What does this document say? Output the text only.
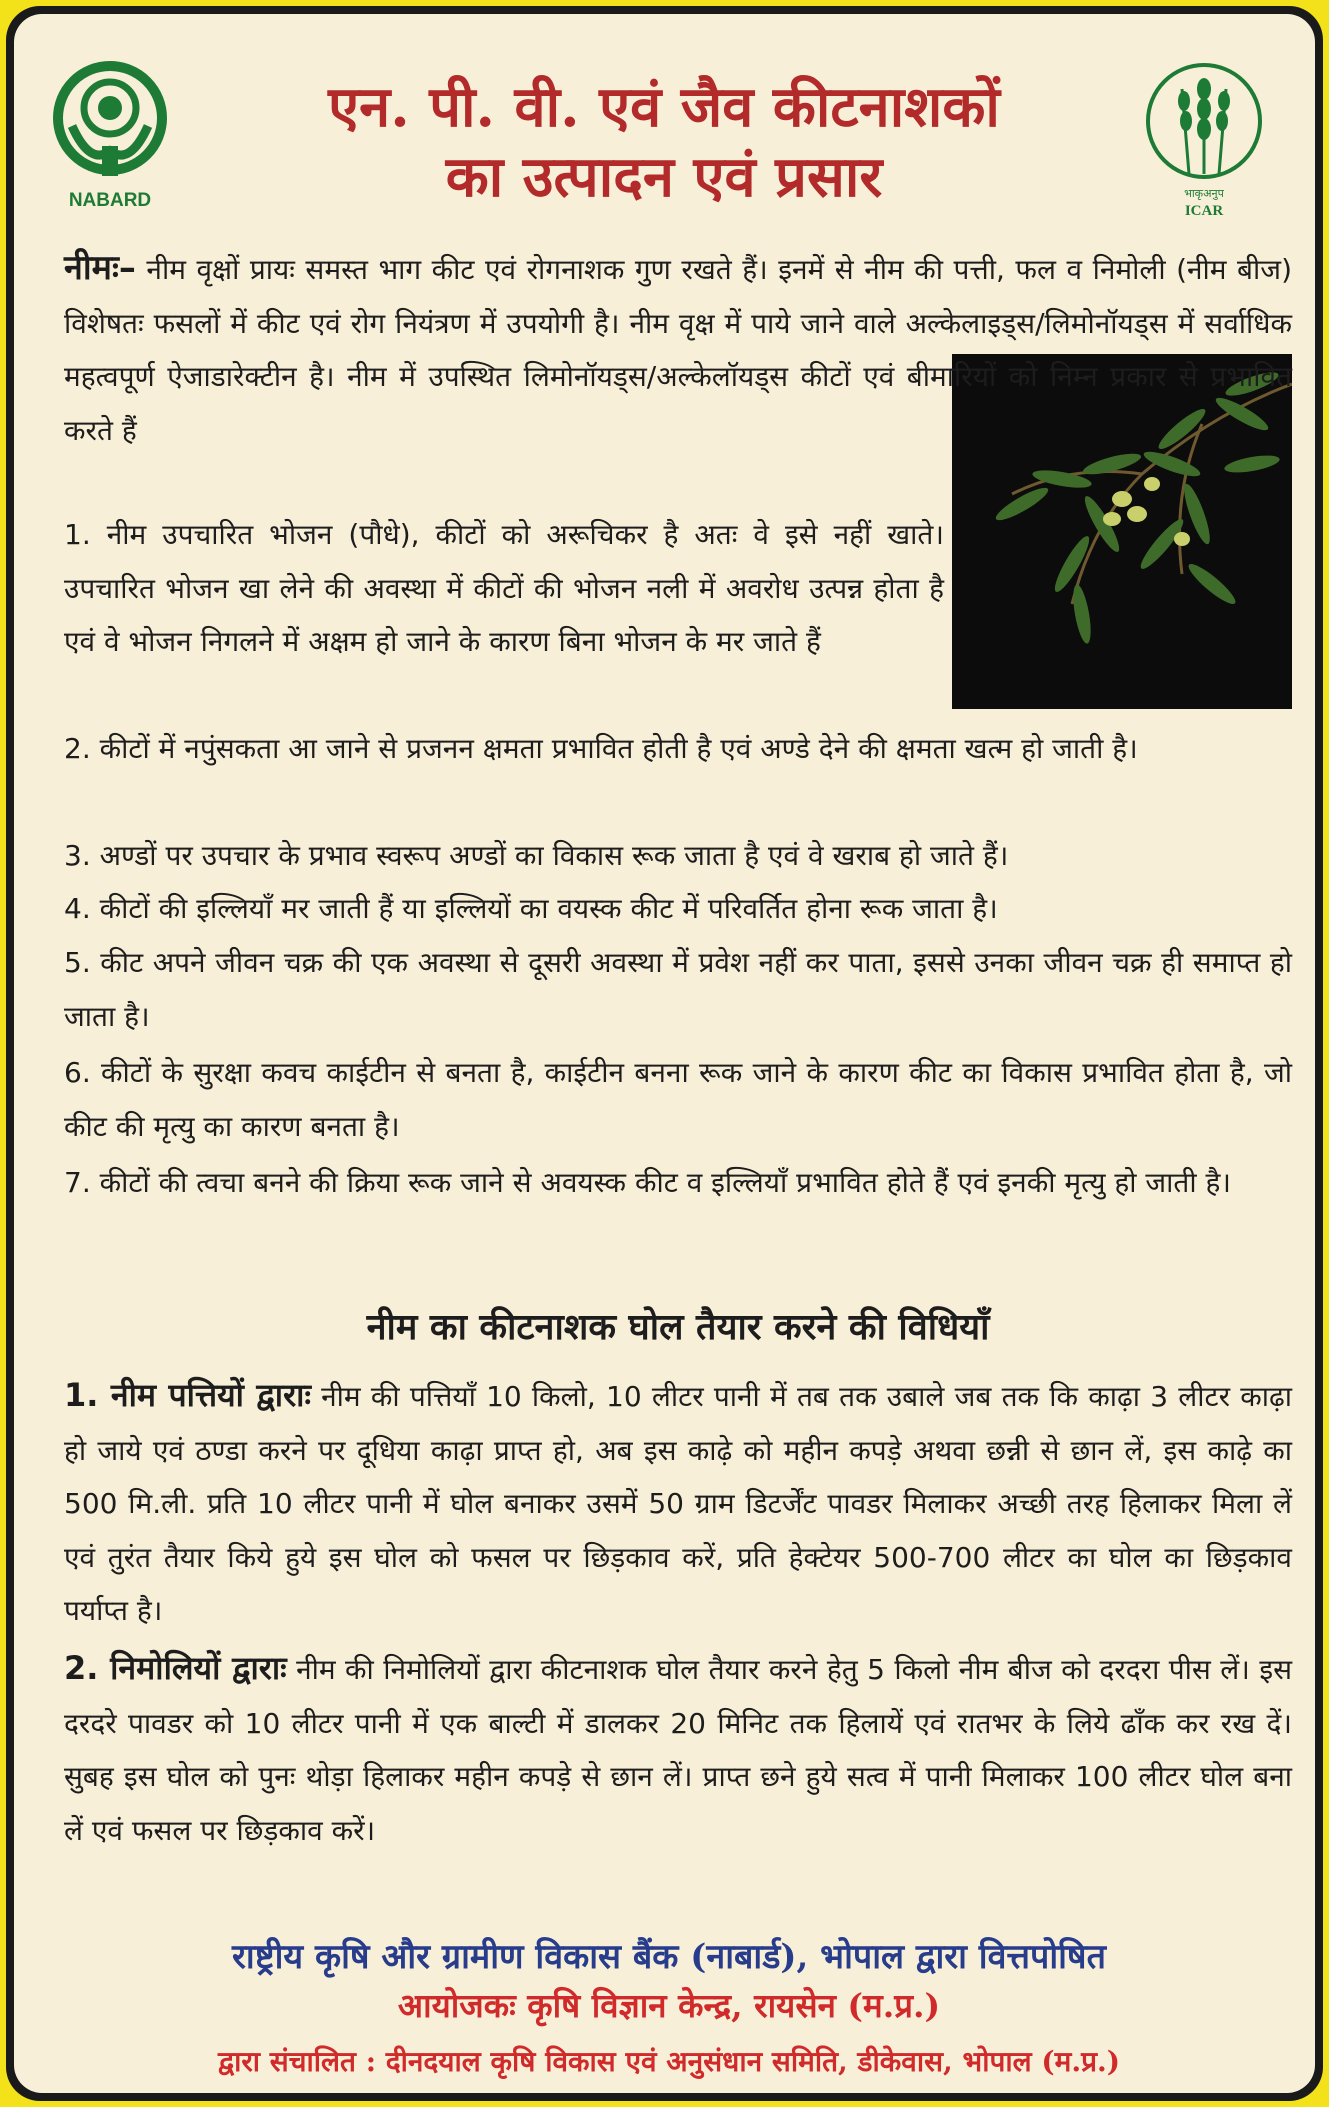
NABARD	भाकृअनुप
ICAR
एन. पी. वी. एवं जैव कीटनाशकों
का उत्पादन एवं प्रसार

नीमः– नीम वृक्षों प्रायः समस्त भाग कीट एवं रोगनाशक गुण रखते हैं। इनमें से नीम की पत्ती, फल व निमोली (नीम बीज) विशेषतः फसलों में कीट एवं रोग नियंत्रण में उपयोगी है। नीम वृक्ष में पाये जाने वाले अल्केलाइड्स/लिमोनॉयड्स में सर्वाधिक महत्वपूर्ण ऐजाडारेक्टीन है। नीम में उपस्थित लिमोनॉयड्स/अल्केलॉयड्स कीटों एवं बीमारियों को निम्न प्रकार से प्रभावित करते हैं

1. नीम उपचारित भोजन (पौधे), कीटों को अरूचिकर है अतः वे इसे नहीं खाते। उपचारित भोजन खा लेने की अवस्था में कीटों की भोजन नली में अवरोध उत्पन्न होता है एवं वे भोजन निगलने में अक्षम हो जाने के कारण बिना भोजन के मर जाते हैं
2. कीटों में नपुंसकता आ जाने से प्रजनन क्षमता प्रभावित होती है एवं अण्डे देने की क्षमता खत्म हो जाती है।
3. अण्डों पर उपचार के प्रभाव स्वरूप अण्डों का विकास रूक जाता है एवं वे खराब हो जाते हैं।
4. कीटों की इल्लियाँ मर जाती हैं या इल्लियों का वयस्क कीट में परिवर्तित होना रूक जाता है।
5. कीट अपने जीवन चक्र की एक अवस्था से दूसरी अवस्था में प्रवेश नहीं कर पाता, इससे उनका जीवन चक्र ही समाप्त हो जाता है।
6. कीटों के सुरक्षा कवच काईटीन से बनता है, काईटीन बनना रूक जाने के कारण कीट का विकास प्रभावित होता है, जो कीट की मृत्यु का कारण बनता है।
7. कीटों की त्वचा बनने की क्रिया रूक जाने से अवयस्क कीट व इल्लियाँ प्रभावित होते हैं एवं इनकी मृत्यु हो जाती है।
नीम का कीटनाशक घोल तैयार करने की विधियाँ

1. नीम पत्तियों द्वाराः नीम की पत्तियाँ 10 किलो, 10 लीटर पानी में तब तक उबाले जब तक कि काढ़ा 3 लीटर काढ़ा हो जाये एवं ठण्डा करने पर दूधिया काढ़ा प्राप्त हो, अब इस काढ़े को महीन कपड़े अथवा छन्नी से छान लें, इस काढ़े का 500 मि.ली. प्रति 10 लीटर पानी में घोल बनाकर उसमें 50 ग्राम डिटर्जेंट पावडर मिलाकर अच्छी तरह हिलाकर मिला लें एवं तुरंत तैयार किये हुये इस घोल को फसल पर छिड़काव करें, प्रति हेक्टेयर 500-700 लीटर का घोल का छिड़काव पर्याप्त है।

2. निमोलियों द्वाराः नीम की निमोलियों द्वारा कीटनाशक घोल तैयार करने हेतु 5 किलो नीम बीज को दरदरा पीस लें। इस दरदरे पावडर को 10 लीटर पानी में एक बाल्टी में डालकर 20 मिनिट तक हिलायें एवं रातभर के लिये ढाँक कर रख दें। सुबह इस घोल को पुनः थोड़ा हिलाकर महीन कपड़े से छान लें। प्राप्त छने हुये सत्व में पानी मिलाकर 100 लीटर घोल बना लें एवं फसल पर छिड़काव करें।

राष्ट्रीय कृषि और ग्रामीण विकास बैंक (नाबार्ड), भोपाल द्वारा वित्तपोषित
आयोजकः कृषि विज्ञान केन्द्र, रायसेन (म.प्र.)
द्वारा संचालित : दीनदयाल कृषि विकास एवं अनुसंधान समिति, डीकेवास, भोपाल (म.प्र.)
